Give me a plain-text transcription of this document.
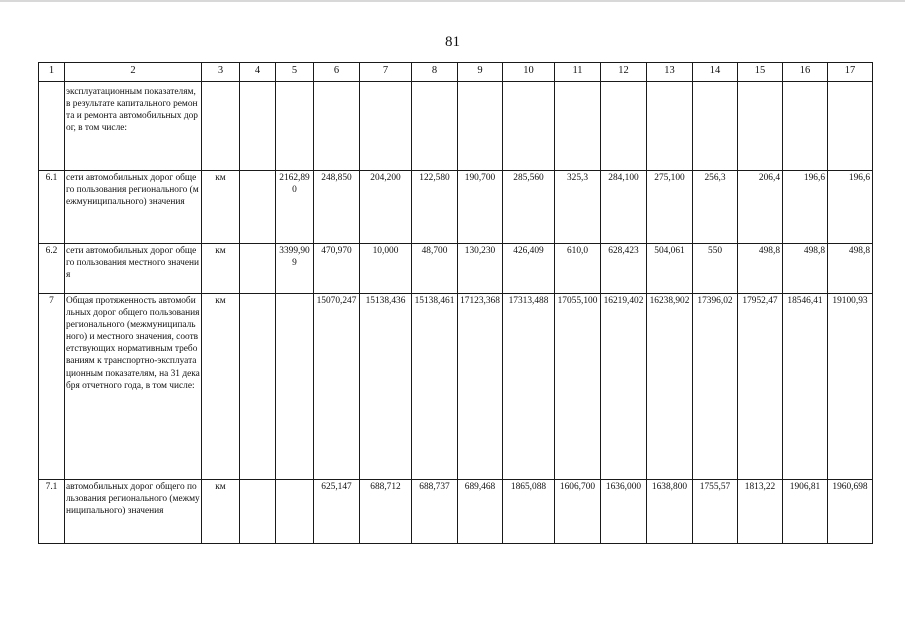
81
1	2	3	4	5	6	7	8	9	10	11	12	13	14	15	16	17
	эксплуатационным показателям, в результате капитального ремонта и ремонта автомобильных дорог, в том числе:															
6.1	сети автомобильных дорог общего пользования регионального (межмуниципального) значения	км		2162,890	248,850	204,200	122,580	190,700	285,560	325,3	284,100	275,100	256,3	206,4	196,6	196,6
6.2	сети автомобильных дорог общего пользования местного значения	км		3399,909	470,970	10,000	48,700	130,230	426,409	610,0	628,423	504,061	550	498,8	498,8	498,8
7	Общая протяженность автомобильных дорог общего пользования регионального (межмуниципального) и местного значения, соответствующих нормативным требованиям к транспортно-эксплуатационным показателям, на 31 декабря отчетного года, в том числе:	км			15070,247	15138,436	15138,461	17123,368	17313,488	17055,100	16219,402	16238,902	17396,02	17952,47	18546,41	19100,93
7.1	автомобильных дорог общего пользования регионального (межмуниципального) значения	км			625,147	688,712	688,737	689,468	1865,088	1606,700	1636,000	1638,800	1755,57	1813,22	1906,81	1960,698
